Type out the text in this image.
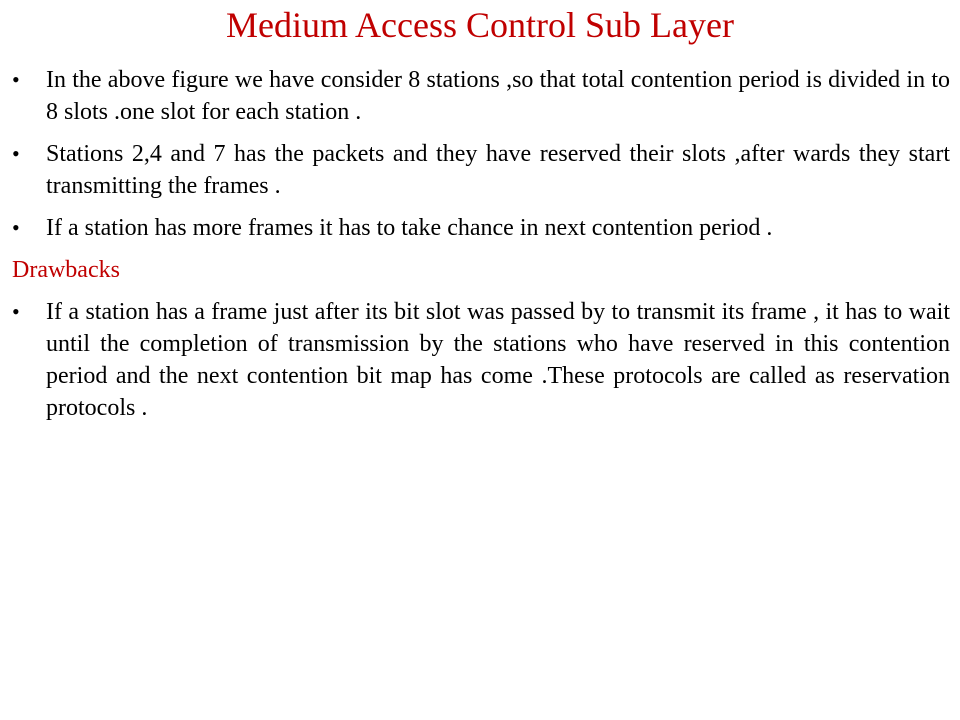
Medium Access Control Sub Layer
•	In the above figure we have consider 8 stations ,so that total contention period is divided in to 8 slots .one slot for each station .
•	Stations 2,4 and 7 has the packets and they have reserved their slots ,after wards they start transmitting the frames .
•	If a station has more frames it has to take chance in next contention period .
Drawbacks
•	If a station has a frame just after its bit slot was passed by to transmit its frame , it has to wait until the completion of transmission by the stations who have reserved in this contention period and the next contention bit map has come .These protocols are called as reservation protocols .
